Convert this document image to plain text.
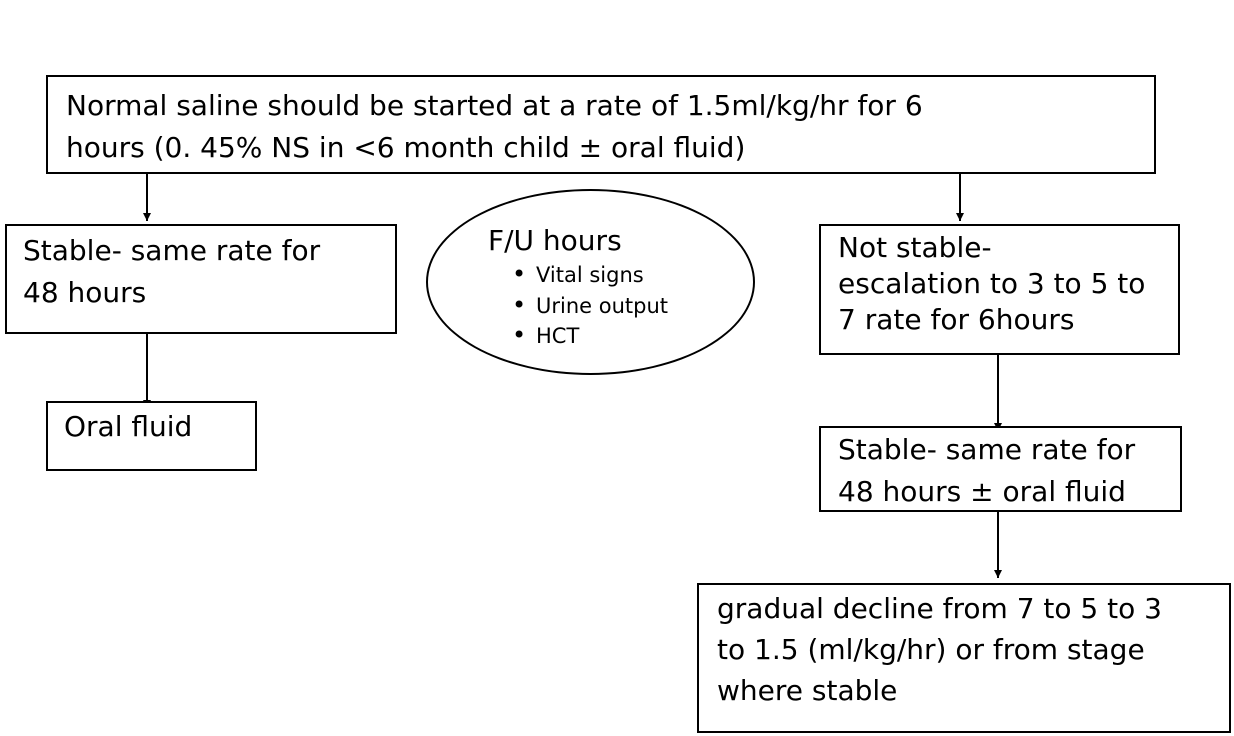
Normal saline should be started at a rate of 1.5ml/kg/hr for 6
hours (0. 45% NS in <6 month child ± oral fluid)
Stable- same rate for
48 hours
Oral fluid
Not stable-
escalation to 3 to 5 to
7 rate for 6hours
Stable- same rate for
48 hours ± oral fluid
gradual decline from 7 to 5 to 3
to 1.5 (ml/kg/hr) or from stage
where stable
F/U hours
• Vital signs
• Urine output
• HCT
